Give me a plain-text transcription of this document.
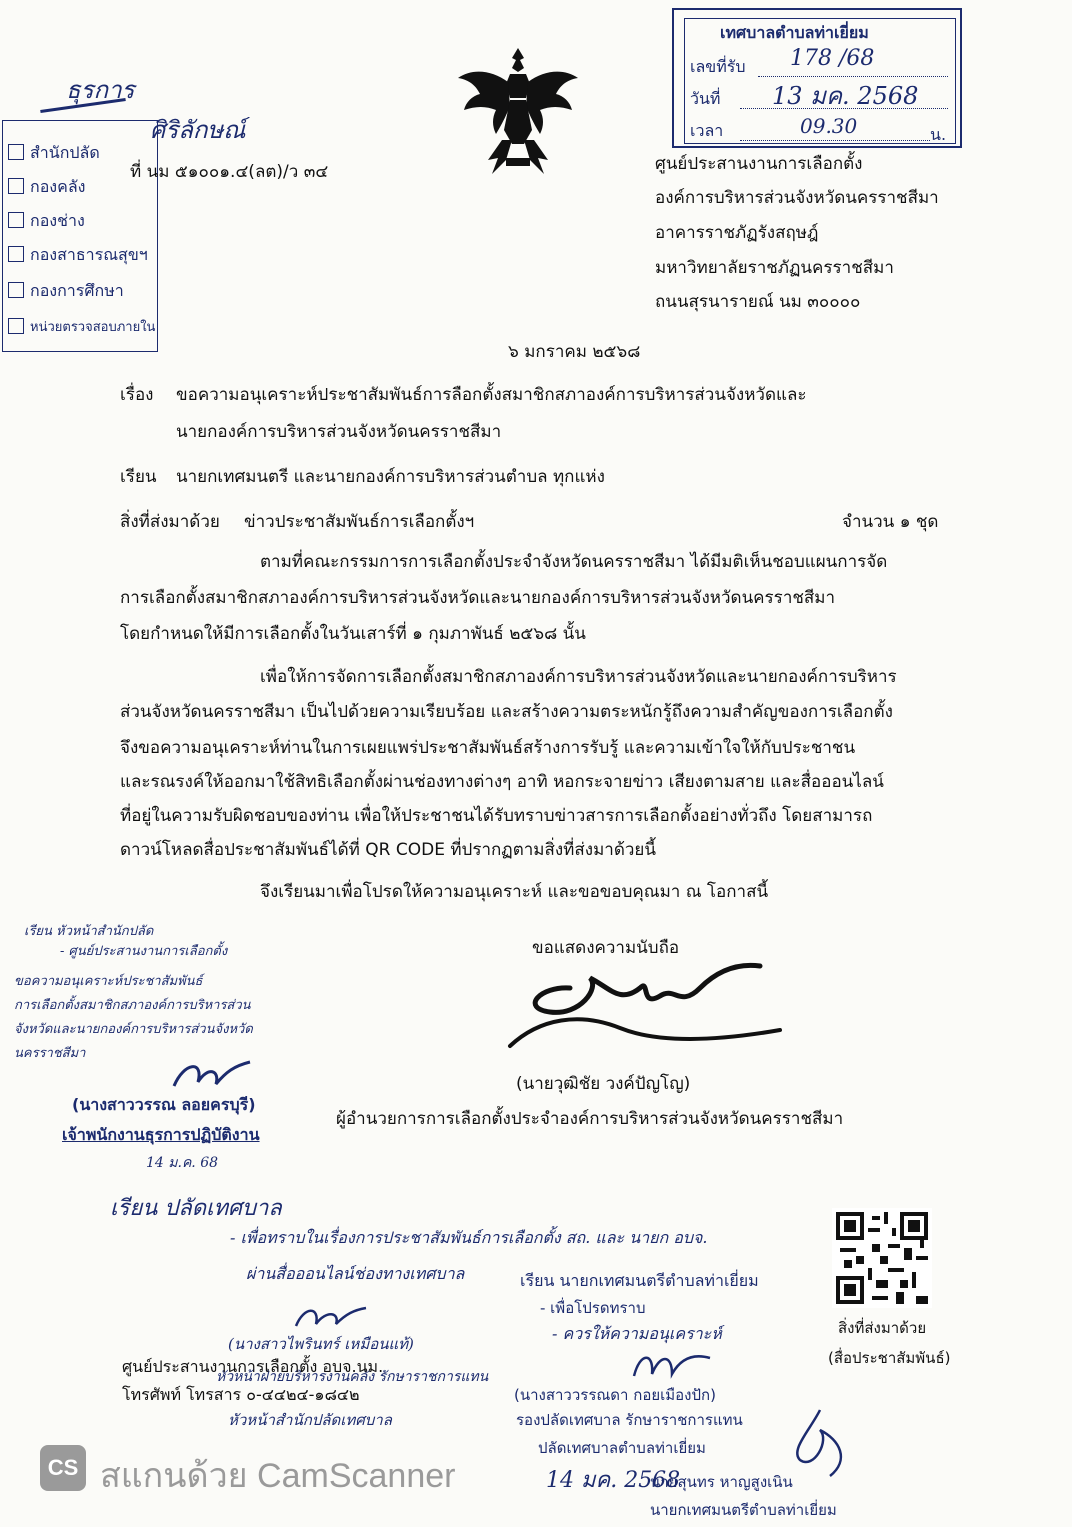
เทศบาลตำบลท่าเยี่ยม
เลขที่รับ 178 /68
วันที่ 13 มค. 2568
เวลา	09.30	น.
ธุรการ
ศิริลักษณ์
สำนักปลัด
กองคลัง
กองช่าง
กองสาธารณสุขฯ
กองการศึกษา
หน่วยตรวจสอบภายใน
ที่ นม ๕๑๐๐๑.๔(ลต)/ว ๓๔	ศูนย์ประสานงานการเลือกตั้ง
องค์การบริหารส่วนจังหวัดนครราชสีมา
อาคารราชภัฏรังสฤษฎ์
มหาวิทยาลัยราชภัฏนครราชสีมา
ถนนสุรนารายณ์ นม ๓๐๐๐๐
๖ มกราคม ๒๕๖๘
เรื่อง ขอความอนุเคราะห์ประชาสัมพันธ์การลือกตั้งสมาชิกสภาองค์การบริหารส่วนจังหวัดและ
นายกองค์การบริหารส่วนจังหวัดนครราชสีมา
เรียน นายกเทศมนตรี และนายกองค์การบริหารส่วนตำบล ทุกแห่ง
สิ่งที่ส่งมาด้วย ข่าวประชาสัมพันธ์การเลือกตั้งฯ	จำนวน ๑ ชุด
ตามที่คณะกรรมการการเลือกตั้งประจำจังหวัดนครราชสีมา ได้มีมติเห็นชอบแผนการจัด
การเลือกตั้งสมาชิกสภาองค์การบริหารส่วนจังหวัดและนายกองค์การบริหารส่วนจังหวัดนครราชสีมา
โดยกำหนดให้มีการเลือกตั้งในวันเสาร์ที่ ๑ กุมภาพันธ์ ๒๕๖๘ นั้น
เพื่อให้การจัดการเลือกตั้งสมาชิกสภาองค์การบริหารส่วนจังหวัดและนายกองค์การบริหาร
ส่วนจังหวัดนครราชสีมา เป็นไปด้วยความเรียบร้อย และสร้างความตระหนักรู้ถึงความสำคัญของการเลือกตั้ง
จึงขอความอนุเคราะห์ท่านในการเผยแพร่ประชาสัมพันธ์สร้างการรับรู้ และความเข้าใจให้กับประชาชน
และรณรงค์ให้ออกมาใช้สิทธิเลือกตั้งผ่านช่องทางต่างๆ อาทิ หอกระจายข่าว เสียงตามสาย และสื่อออนไลน์
ที่อยู่ในความรับผิดชอบของท่าน เพื่อให้ประชาชนได้รับทราบข่าวสารการเลือกตั้งอย่างทั่วถึง โดยสามารถ
ดาวน์โหลดสื่อประชาสัมพันธ์ได้ที่ QR CODE ที่ปรากฏตามสิ่งที่ส่งมาด้วยนี้
จึงเรียนมาเพื่อโปรดให้ความอนุเคราะห์ และขอขอบคุณมา ณ โอกาสนี้
ขอแสดงความนับถือ
(นายวุฒิชัย วงค์ปัญโญ)
ผู้อำนวยการการเลือกตั้งประจำองค์การบริหารส่วนจังหวัดนครราชสีมา
เรียน หัวหน้าสำนักปลัด
- ศูนย์ประสานงานการเลือกตั้ง
ขอความอนุเคราะห์ประชาสัมพันธ์
การเลือกตั้งสมาชิกสภาองค์การบริหารส่วน
จังหวัดและนายกองค์การบริหารส่วนจังหวัด
นครราชสีมา
(นางสาววรรณ ลอยครบุรี)
เจ้าพนักงานธุรการปฏิบัติงาน
14 ม.ค. 68
เรียน ปลัดเทศบาล
- เพื่อทราบในเรื่องการประชาสัมพันธ์การเลือกตั้ง สถ. และ นายก อบจ.
ผ่านสื่อออนไลน์ช่องทางเทศบาล
(นางสาวไพรินทร์ เหมือนแท้)
หัวหน้าฝ่ายบริหารงานคลัง รักษาราชการแทน
หัวหน้าสำนักปลัดเทศบาล
ศูนย์ประสานงานการเลือกตั้ง อบจ.นม.
โทรศัพท์ โทรสาร ๐-๔๔๒๔-๑๘๔๒
เรียน นายกเทศมนตรีตำบลท่าเยี่ยม
- เพื่อโปรดทราบ
- ควรให้ความอนุเคราะห์
(นางสาววรรณดา กอยเมืองปัก)
รองปลัดเทศบาล รักษาราชการแทน
ปลัดเทศบาลตำบลท่าเยี่ยม
14 มค. 2568
นายสุนทร หาญสูงเนิน
นายกเทศมนตรีตำบลท่าเยี่ยม
สิ่งที่ส่งมาด้วย
(สื่อประชาสัมพันธ์)
CS สแกนด้วย CamScanner
